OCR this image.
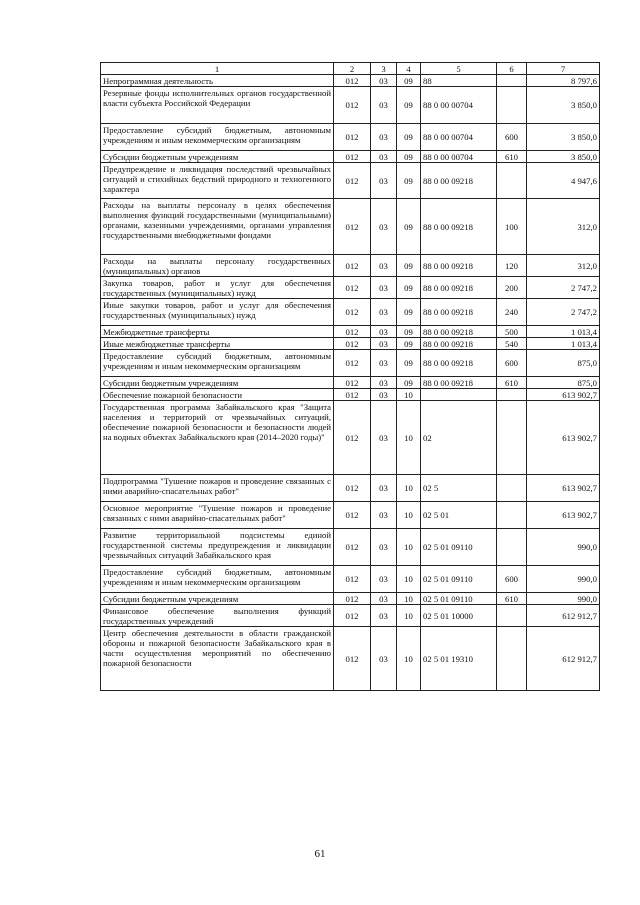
1	2	3	4	5	6	7
Непрограммная деятельность	012	03	09	88		8 797,6
Резервные фонды исполнительных органов государственной власти субъекта Российской Федерации	012	03	09	88 0 00 00704		3 850,0
Предоставление субсидий бюджетным, автономным учреждениям и иным некоммерческим организациям	012	03	09	88 0 00 00704	600	3 850,0
Субсидии бюджетным учреждениям	012	03	09	88 0 00 00704	610	3 850,0
Предупреждение и ликвидация последствий чрезвычайных ситуаций и стихийных бедствий природного и техногенного характера	012	03	09	88 0 00 09218		4 947,6
Расходы на выплаты персоналу в целях обеспечения выполнения функций государственными (муниципальными) органами, казенными учреждениями, органами управления государственными внебюджетными фондами	012	03	09	88 0 00 09218	100	312,0
Расходы на выплаты персоналу государственных (муниципальных) органов	012	03	09	88 0 00 09218	120	312,0
Закупка товаров, работ и услуг для обеспечения государственных (муниципальных) нужд	012	03	09	88 0 00 09218	200	2 747,2
Иные закупки товаров, работ и услуг для обеспечения государственных (муниципальных) нужд	012	03	09	88 0 00 09218	240	2 747,2
Межбюджетные трансферты	012	03	09	88 0 00 09218	500	1 013,4
Иные межбюджетные трансферты	012	03	09	88 0 00 09218	540	1 013,4
Предоставление субсидий бюджетным, автономным учреждениям и иным некоммерческим организациям	012	03	09	88 0 00 09218	600	875,0
Субсидии бюджетным учреждениям	012	03	09	88 0 00 09218	610	875,0
Обеспечение пожарной безопасности	012	03	10			613 902,7
Государственная программа Забайкальского края "Защита населения и территорий от чрезвычайных ситуаций, обеспечение пожарной безопасности и безопасности людей на водных объектах Забайкальского края (2014–2020 годы)"	012	03	10	02		613 902,7
Подпрограмма "Тушение пожаров и проведение связанных с ними аварийно-спасательных работ"	012	03	10	02 5		613 902,7
Основное мероприятие "Тушение пожаров и проведение связанных с ними аварийно-спасательных работ"	012	03	10	02 5 01		613 902,7
Развитие территориальной подсистемы единой государственной системы предупреждения и ликвидации чрезвычайных ситуаций Забайкальского края	012	03	10	02 5 01 09110		990,0
Предоставление субсидий бюджетным, автономным учреждениям и иным некоммерческим организациям	012	03	10	02 5 01 09110	600	990,0
Субсидии бюджетным учреждениям	012	03	10	02 5 01 09110	610	990,0
Финансовое обеспечение выполнения функций государственных учреждений	012	03	10	02 5 01 10000		612 912,7
Центр обеспечения деятельности в области гражданской обороны и пожарной безопасности Забайкальского края в части осуществления мероприятий по обеспечению пожарной безопасности	012	03	10	02 5 01 19310		612 912,7
61
